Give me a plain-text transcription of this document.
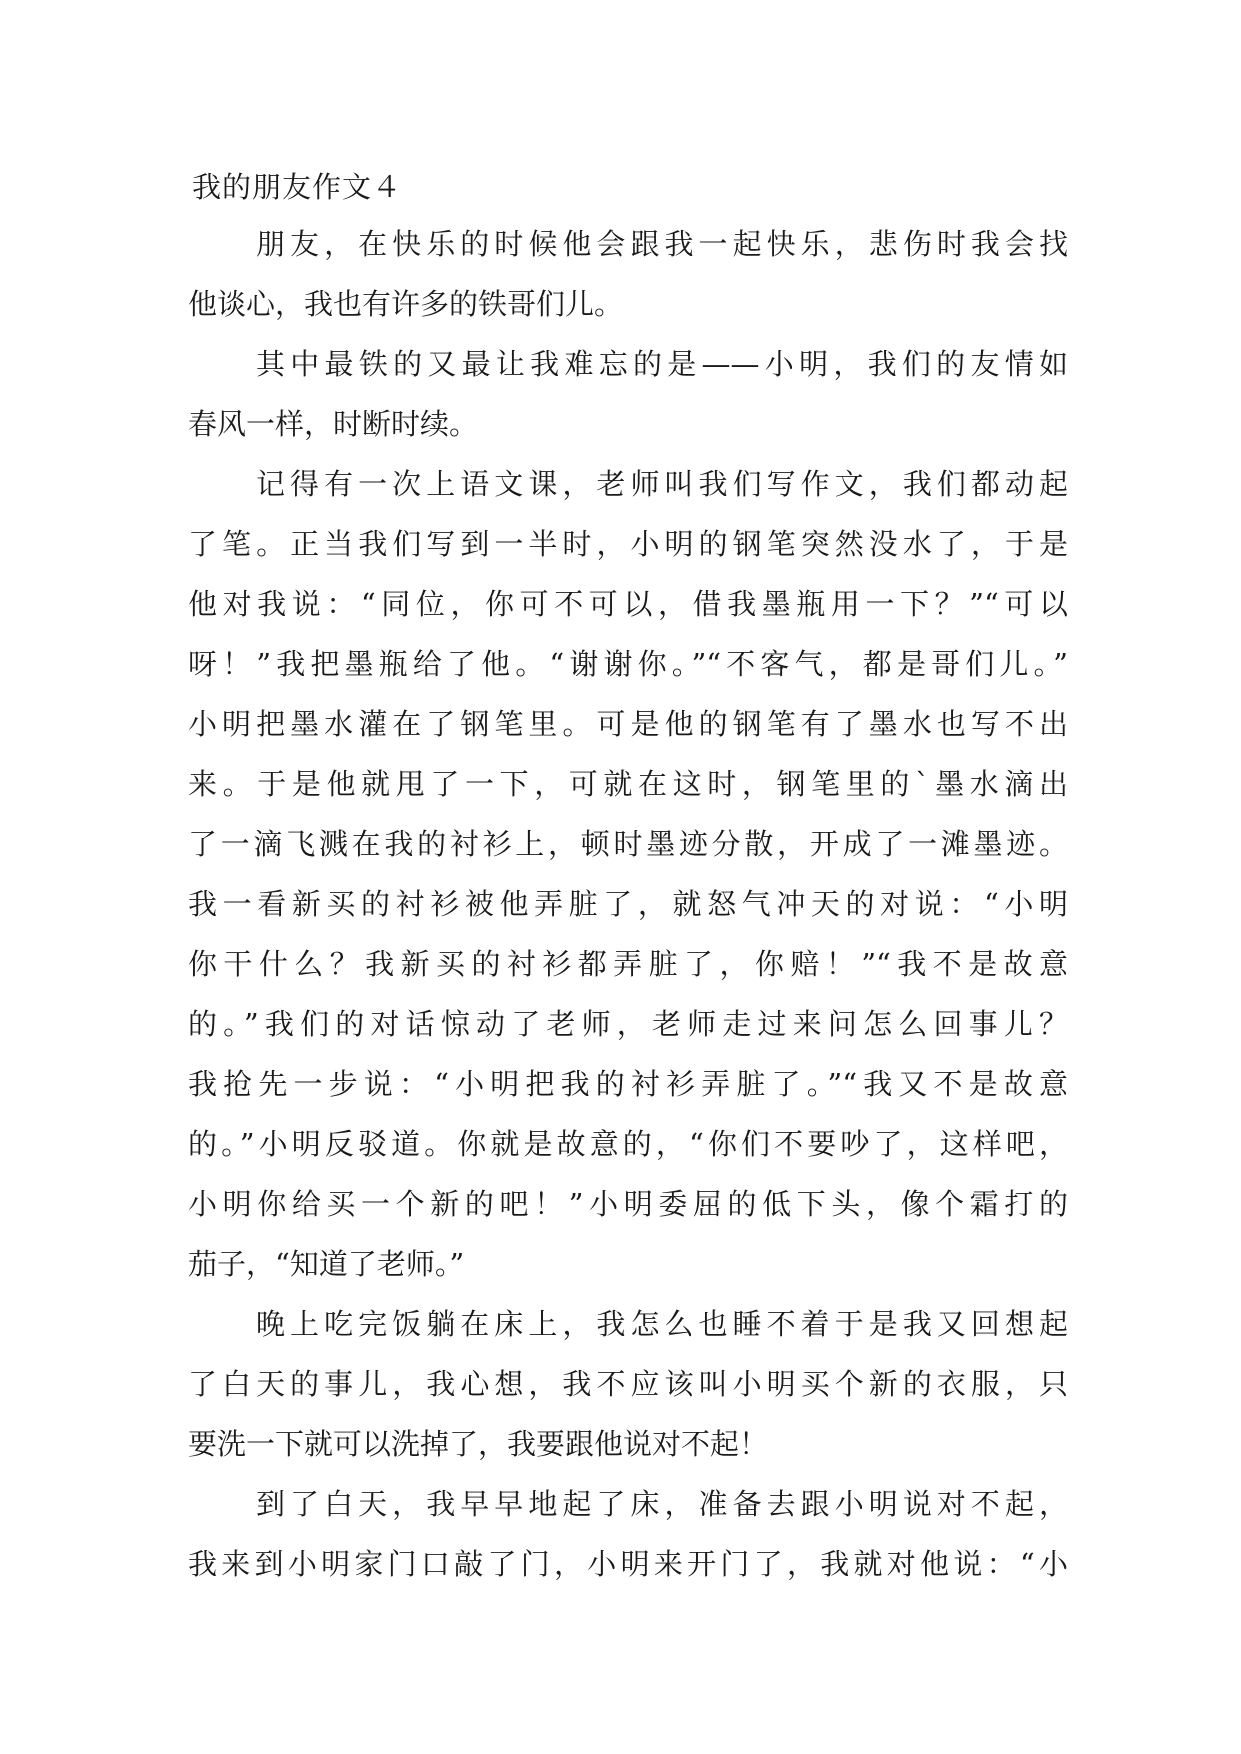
我的朋友作文４
朋友，在快乐的时候他会跟我一起快乐，悲伤时我会找
他谈心，我也有许多的铁哥们儿。
其中最铁的又最让我难忘的是——小明，我们的友情如
春风一样，时断时续。
记得有一次上语文课，老师叫我们写作文，我们都动起
了笔。正当我们写到一半时，小明的钢笔突然没水了，于是
他对我说：“同位，你可不可以，借我墨瓶用一下？”“可以
呀！”我把墨瓶给了他。“谢谢你。”“不客气，都是哥们儿。”
小明把墨水灌在了钢笔里。可是他的钢笔有了墨水也写不出
来。于是他就甩了一下，可就在这时，钢笔里的`墨水滴出
了一滴飞溅在我的衬衫上，顿时墨迹分散，开成了一滩墨迹。
我一看新买的衬衫被他弄脏了，就怒气冲天的对说：“小明
你干什么？我新买的衬衫都弄脏了，你赔！”“我不是故意
的。”我们的对话惊动了老师，老师走过来问怎么回事儿？
我抢先一步说：“小明把我的衬衫弄脏了。”“我又不是故意
的。”小明反驳道。你就是故意的，“你们不要吵了，这样吧，
小明你给买一个新的吧！”小明委屈的低下头，像个霜打的
茄子，“知道了老师。”
晚上吃完饭躺在床上，我怎么也睡不着于是我又回想起
了白天的事儿，我心想，我不应该叫小明买个新的衣服，只
要洗一下就可以洗掉了，我要跟他说对不起！
到了白天，我早早地起了床，准备去跟小明说对不起，
我来到小明家门口敲了门，小明来开门了，我就对他说：“小
